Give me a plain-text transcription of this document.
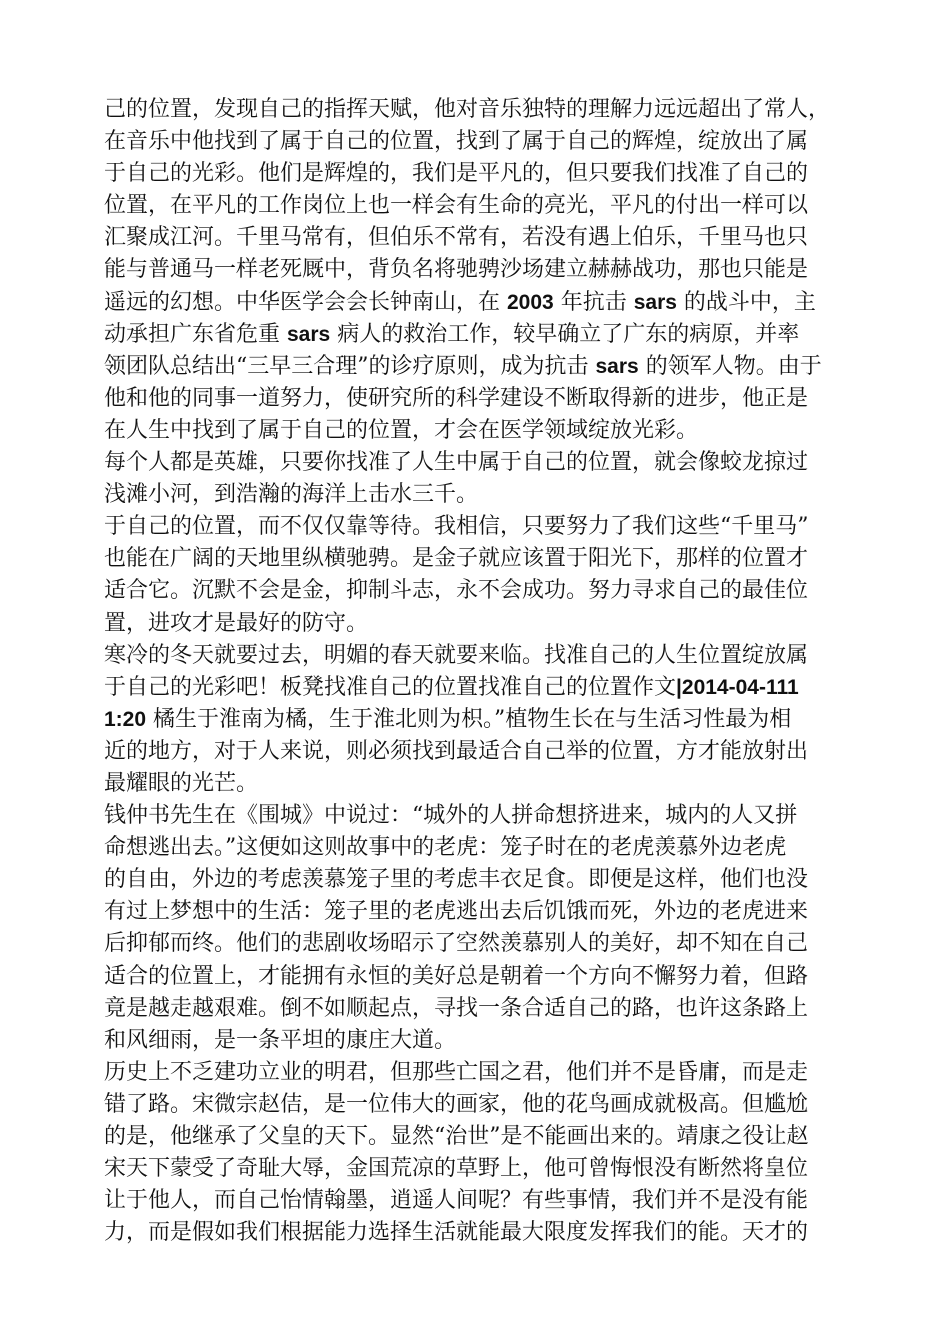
己的位置，发现自己的指挥天赋，他对音乐独特的理解力远远超出了常人，
在音乐中他找到了属于自己的位置，找到了属于自己的辉煌，绽放出了属
于自己的光彩。他们是辉煌的，我们是平凡的，但只要我们找准了自己的
位置，在平凡的工作岗位上也一样会有生命的亮光，平凡的付出一样可以
汇聚成江河。千里马常有，但伯乐不常有，若没有遇上伯乐，千里马也只
能与普通马一样老死厩中，背负名将驰骋沙场建立赫赫战功，那也只能是
遥远的幻想。中华医学会会长钟南山，在 2003 年抗击 sars 的战斗中，主
动承担广东省危重 sars 病人的救治工作，较早确立了广东的病原，并率
领团队总结出“三早三合理”的诊疗原则，成为抗击 sars 的领军人物。由于
他和他的同事一道努力，使研究所的科学建设不断取得新的进步，他正是
在人生中找到了属于自己的位置，才会在医学领域绽放光彩。
每个人都是英雄，只要你找准了人生中属于自己的位置，就会像蛟龙掠过
浅滩小河，到浩瀚的海洋上击水三千。
于自己的位置，而不仅仅靠等待。我相信，只要努力了我们这些“千里马”
也能在广阔的天地里纵横驰骋。是金子就应该置于阳光下，那样的位置才
适合它。沉默不会是金，抑制斗志，永不会成功。努力寻求自己的最佳位
置，进攻才是最好的防守。
寒冷的冬天就要过去，明媚的春天就要来临。找准自己的人生位置绽放属
于自己的光彩吧！板凳找准自己的位置找准自己的位置作文|2014-04-111
1:20 橘生于淮南为橘，生于淮北则为枳。”植物生长在与生活习性最为相
近的地方，对于人来说，则必须找到最适合自己举的位置，方才能放射出
最耀眼的光芒。
钱仲书先生在《围城》中说过：“城外的人拼命想挤进来，城内的人又拼
命想逃出去。”这便如这则故事中的老虎：笼子时在的老虎羡慕外边老虎
的自由，外边的考虑羡慕笼子里的考虑丰衣足食。即便是这样，他们也没
有过上梦想中的生活：笼子里的老虎逃出去后饥饿而死，外边的老虎进来
后抑郁而终。他们的悲剧收场昭示了空然羡慕别人的美好，却不知在自己
适合的位置上，才能拥有永恒的美好总是朝着一个方向不懈努力着，但路
竟是越走越艰难。倒不如顺起点，寻找一条合适自己的路，也许这条路上
和风细雨，是一条平坦的康庄大道。
历史上不乏建功立业的明君，但那些亡国之君，他们并不是昏庸，而是走
错了路。宋微宗赵佶，是一位伟大的画家，他的花鸟画成就极高。但尴尬
的是，他继承了父皇的天下。显然“治世”是不能画出来的。靖康之役让赵
宋天下蒙受了奇耻大辱，金国荒凉的草野上，他可曾悔恨没有断然将皇位
让于他人，而自己怡情翰墨，逍遥人间呢？有些事情，我们并不是没有能
力，而是假如我们根据能力选择生活就能最大限度发挥我们的能。天才的
